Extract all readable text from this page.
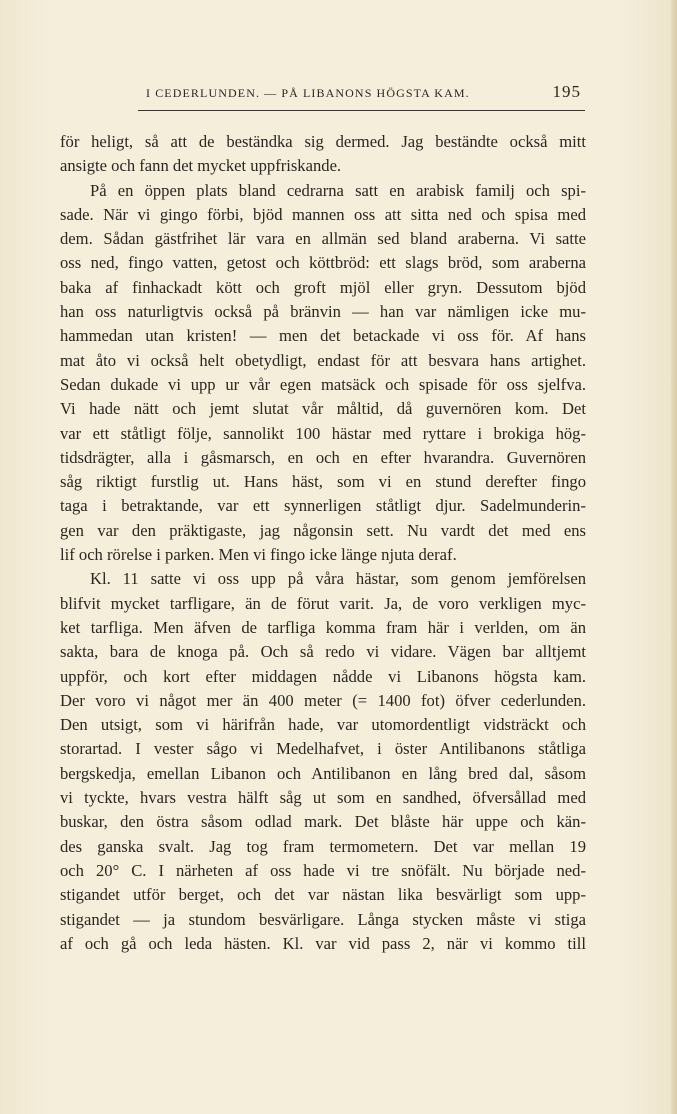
I CEDERLUNDEN. — PÅ LIBANONS HÖGSTA KAM.	195
för heligt, så att de beständka sig dermed. Jag beständte också mitt
ansigte och fann det mycket uppfriskande.
På en öppen plats bland cedrarna satt en arabisk familj och spi-
sade. När vi gingo förbi, bjöd mannen oss att sitta ned och spisa med
dem. Sådan gästfrihet lär vara en allmän sed bland araberna. Vi satte
oss ned, fingo vatten, getost och köttbröd: ett slags bröd, som araberna
baka af finhackadt kött och groft mjöl eller gryn. Dessutom bjöd
han oss naturligtvis också på bränvin — han var nämligen icke mu-
hammedan utan kristen! — men det betackade vi oss för. Af hans
mat åto vi också helt obetydligt, endast för att besvara hans artighet.
Sedan dukade vi upp ur vår egen matsäck och spisade för oss sjelfva.
Vi hade nätt och jemt slutat vår måltid, då guvernören kom. Det
var ett ståtligt följe, sannolikt 100 hästar med ryttare i brokiga hög-
tidsdrägter, alla i gåsmarsch, en och en efter hvarandra. Guvernören
såg riktigt furstlig ut. Hans häst, som vi en stund derefter fingo
taga i betraktande, var ett synnerligen ståtligt djur. Sadelmunderin-
gen var den präktigaste, jag någonsin sett. Nu vardt det med ens
lif och rörelse i parken. Men vi fingo icke länge njuta deraf.
Kl. 11 satte vi oss upp på våra hästar, som genom jemförelsen
blifvit mycket tarfligare, än de förut varit. Ja, de voro verkligen myc-
ket tarfliga. Men äfven de tarfliga komma fram här i verlden, om än
sakta, bara de knoga på. Och så redo vi vidare. Vägen bar alltjemt
uppför, och kort efter middagen nådde vi Libanons högsta kam.
Der voro vi något mer än 400 meter (= 1400 fot) öfver cederlunden.
Den utsigt, som vi härifrån hade, var utomordentligt vidsträckt och
storartad. I vester sågo vi Medelhafvet, i öster Antilibanons ståtliga
bergskedja, emellan Libanon och Antilibanon en lång bred dal, såsom
vi tyckte, hvars vestra hälft såg ut som en sandhed, öfversållad med
buskar, den östra såsom odlad mark. Det blåste här uppe och kän-
des ganska svalt. Jag tog fram termometern. Det var mellan 19
och 20° C. I närheten af oss hade vi tre snöfält. Nu började ned-
stigandet utför berget, och det var nästan lika besvärligt som upp-
stigandet — ja stundom besvärligare. Långa stycken måste vi stiga
af och gå och leda hästen. Kl. var vid pass 2, när vi kommo till
